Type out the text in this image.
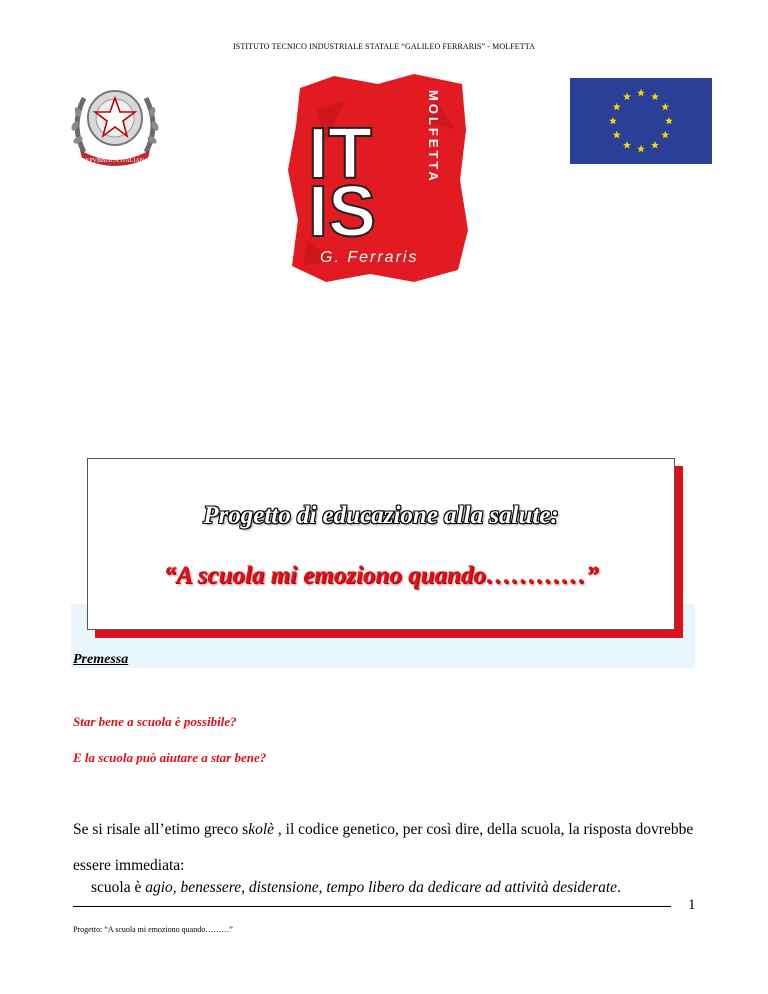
ISTITUTO TECNICO INDUSTRIALE STATALE “GALILEO FERRARIS” - MOLFETTA
REPVBBLICA ITALIANA IT
IS
MOLFETTA
G. Ferraris
Progetto di educazione alla salute:
“A scuola mi emoziono quando…………”
Premessa
Star bene a scuola è possibile?
E la scuola può aiutare a star bene?
Se si risale all’etimo greco skolè , il codice genetico, per così dire, della scuola, la risposta dovrebbe essere immediata:
scuola è agio, benessere, distensione, tempo libero da dedicare ad attività desiderate.
1
Progetto: “A scuola mi emoziono quando………”
